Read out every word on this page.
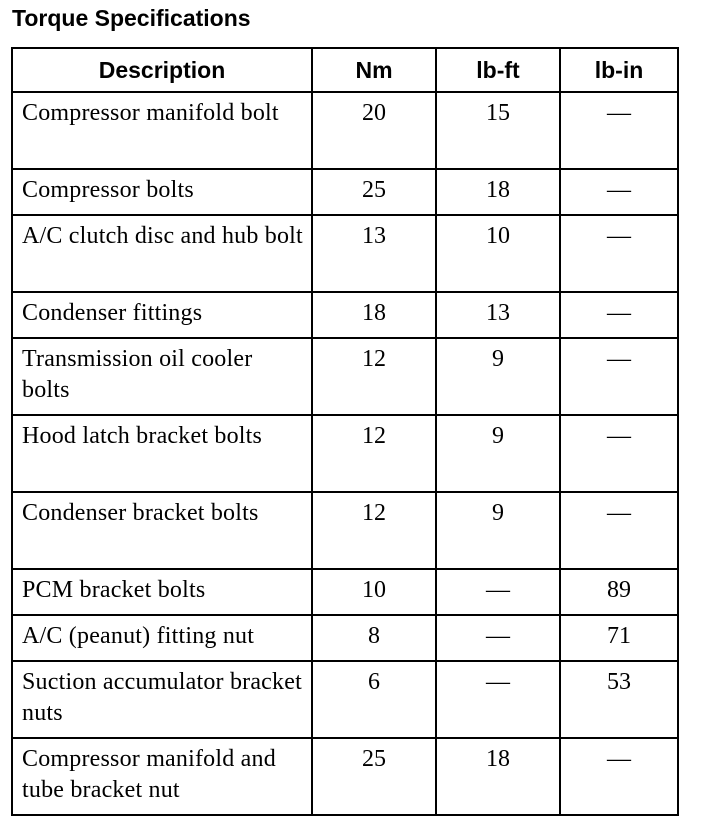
Torque Specifications
Description	Nm	lb-ft	lb-in
Compressor manifold bolt	20	15	—
Compressor bolts	25	18	—
A/C clutch disc and hub bolt	13	10	—
Condenser fittings	18	13	—
Transmission oil cooler bolts	12	9	—
Hood latch bracket bolts	12	9	—
Condenser bracket bolts	12	9	—
PCM bracket bolts	10	—	89
A/C (peanut) fitting nut	8	—	71
Suction accumulator bracket nuts	6	—	53
Compressor manifold and tube bracket nut	25	18	—
